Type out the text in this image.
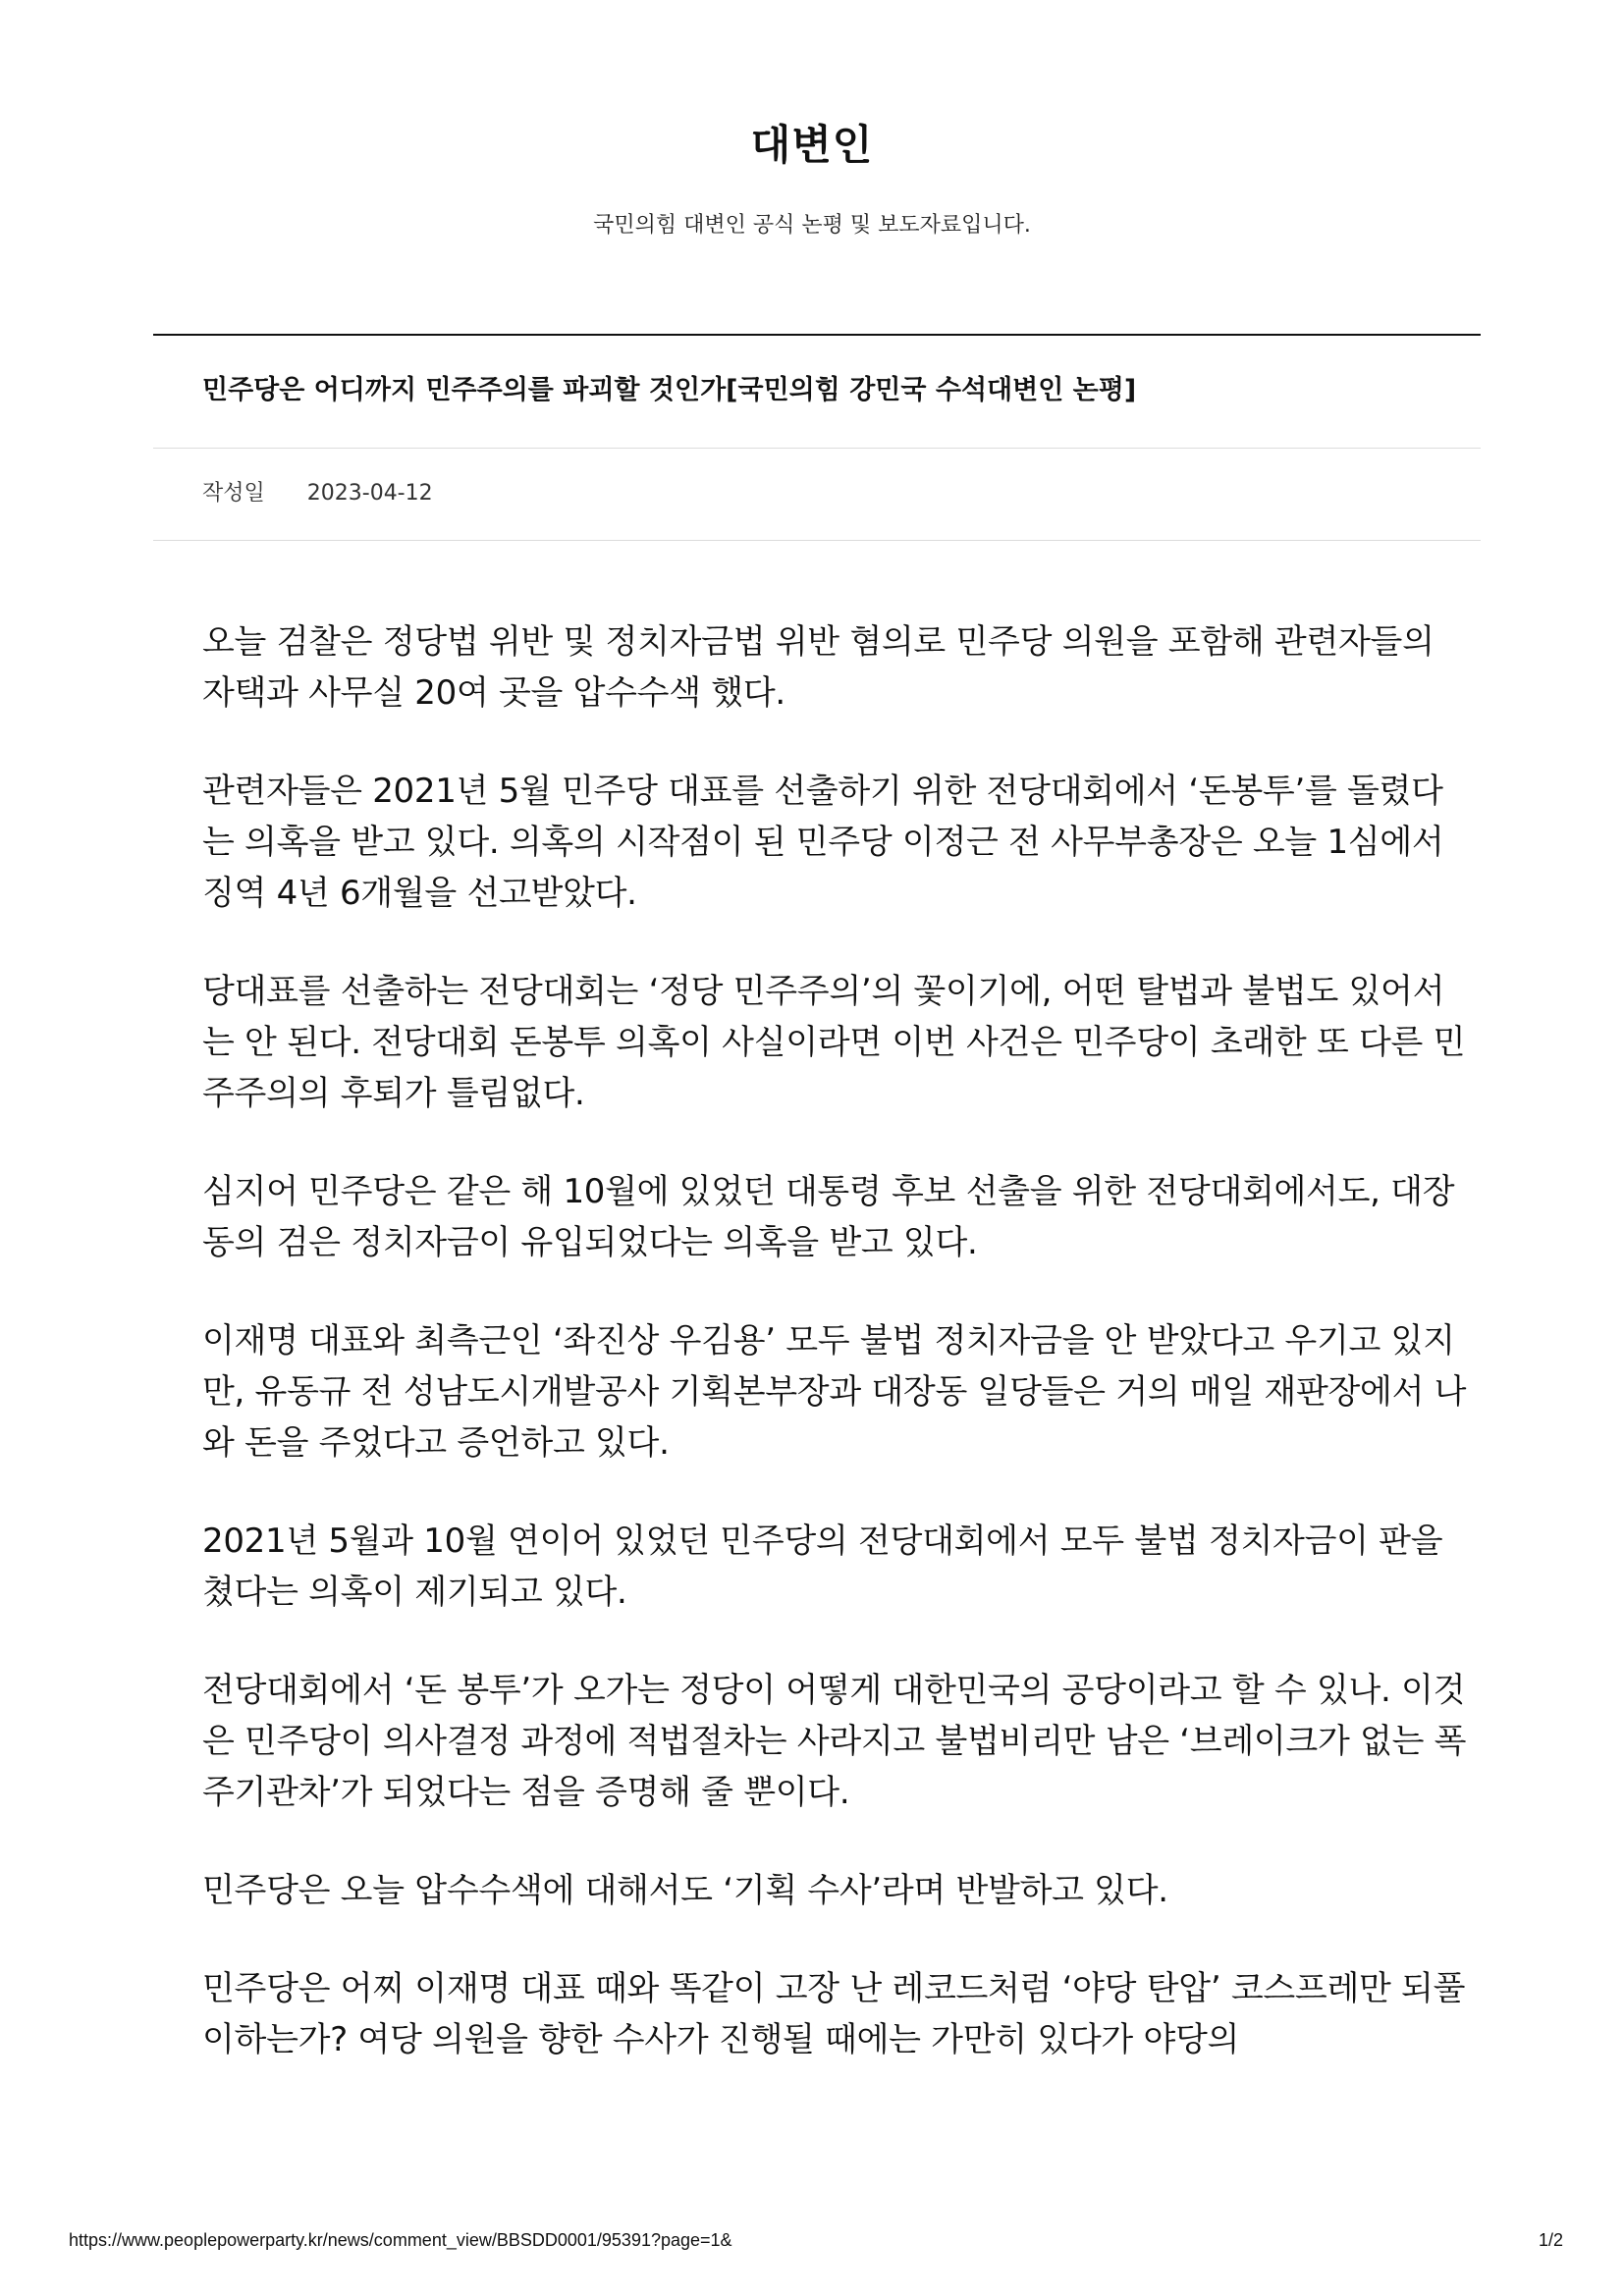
대변인

국민의힘 대변인 공식 논평 및 보도자료입니다.

민주당은 어디까지 민주주의를 파괴할 것인가[국민의힘 강민국 수석대변인 논평]
작성일 2023-04-12

오늘 검찰은 정당법 위반 및 정치자금법 위반 혐의로 민주당 의원을 포함해 관련자들의 자택과 사무실 20여 곳을 압수수색 했다.

관련자들은 2021년 5월 민주당 대표를 선출하기 위한 전당대회에서 ‘돈봉투’를 돌렸다는 의혹을 받고 있다. 의혹의 시작점이 된 민주당 이정근 전 사무부총장은 오늘 1심에서 징역 4년 6개월을 선고받았다.

당대표를 선출하는 전당대회는 ‘정당 민주주의’의 꽃이기에, 어떤 탈법과 불법도 있어서는 안 된다. 전당대회 돈봉투 의혹이 사실이라면 이번 사건은 민주당이 초래한 또 다른 민주주의의 후퇴가 틀림없다.

심지어 민주당은 같은 해 10월에 있었던 대통령 후보 선출을 위한 전당대회에서도, 대장동의 검은 정치자금이 유입되었다는 의혹을 받고 있다.

이재명 대표와 최측근인 ‘좌진상 우김용’ 모두 불법 정치자금을 안 받았다고 우기고 있지만, 유동규 전 성남도시개발공사 기획본부장과 대장동 일당들은 거의 매일 재판장에서 나와 돈을 주었다고 증언하고 있다.

2021년 5월과 10월 연이어 있었던 민주당의 전당대회에서 모두 불법 정치자금이 판을 쳤다는 의혹이 제기되고 있다.

전당대회에서 ‘돈 봉투’가 오가는 정당이 어떻게 대한민국의 공당이라고 할 수 있나. 이것은 민주당이 의사결정 과정에 적법절차는 사라지고 불법비리만 남은 ‘브레이크가 없는 폭주기관차’가 되었다는 점을 증명해 줄 뿐이다.

민주당은 오늘 압수수색에 대해서도 ‘기획 수사’라며 반발하고 있다.

민주당은 어찌 이재명 대표 때와 똑같이 고장 난 레코드처럼 ‘야당 탄압’ 코스프레만 되풀이하는가? 여당 의원을 향한 수사가 진행될 때에는 가만히 있다가 야당의

https://www.peoplepowerparty.kr/news/comment_view/BBSDD0001/95391?page=1&	1/2
